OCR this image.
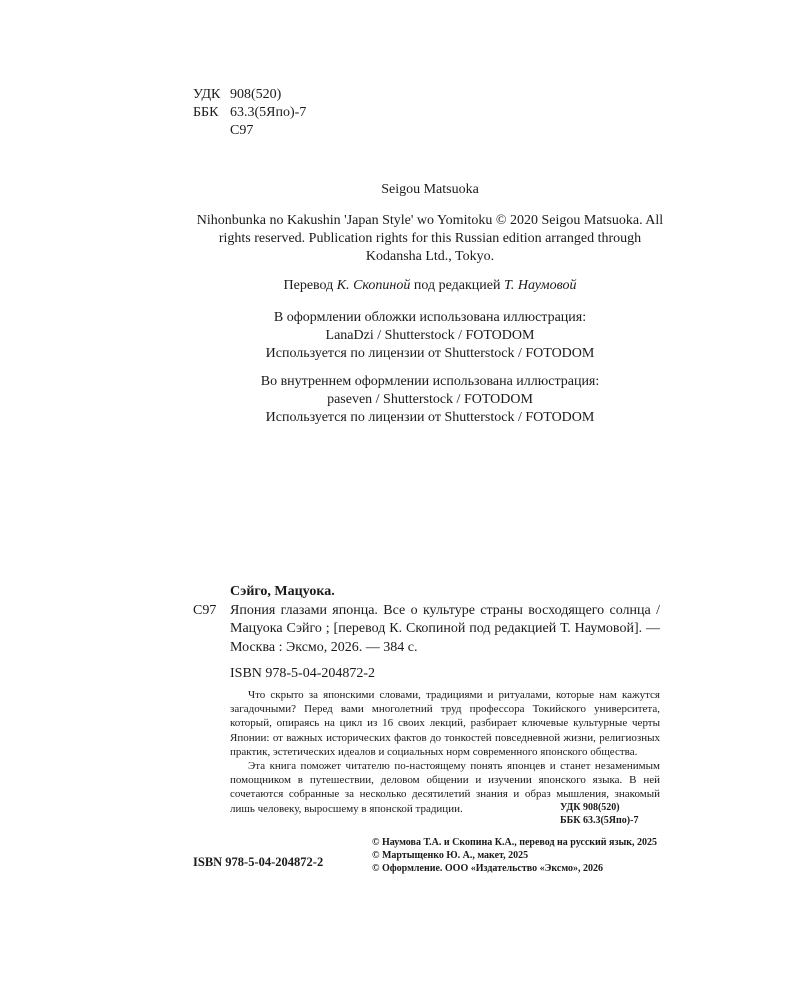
УДК 908(520)
ББК 63.3(5Япо)-7
С97

Seigou Matsuoka

Nihonbunka no Kakushin 'Japan Style' wo Yomitoku © 2020 Seigou Matsuoka. All rights reserved. Publication rights for this Russian edition arranged through Kodansha Ltd., Tokyo.

Перевод К. Скопиной под редакцией Т. Наумовой

В оформлении обложки использована иллюстрация:

LanaDzi / Shutterstock / FOTODOM

Используется по лицензии от Shutterstock / FOTODOM

Во внутреннем оформлении использована иллюстрация:

paseven / Shutterstock / FOTODOM

Используется по лицензии от Shutterstock / FOTODOM

Сэйго, Мацуока.
С97 Япония глазами японца. Все о культуре страны восходящего солнца / Мацуока Сэйго ; [перевод К. Скопиной под редакцией Т. Наумовой]. — Москва : Эксмо, 2026. — 384 с.
ISBN 978-5-04-204872-2

Что скрыто за японскими словами, традициями и ритуалами, которые нам кажутся загадочными? Перед вами многолетний труд профессора Токийского университета, который, опираясь на цикл из 16 своих лекций, разбирает ключевые культурные черты Японии: от важных исторических фактов до тонкостей повседневной жизни, религиозных практик, эстетических идеалов и социальных норм современного японского общества.

Эта книга поможет читателю по-настоящему понять японцев и станет незаменимым помощником в путешествии, деловом общении и изучении японского языка. В ней сочетаются собранные за несколько десятилетий знания и образ мышления, знакомый лишь человеку, выросшему в японской традиции.	УДК 908(520)
ББК 63.3(5Япо)-7
ISBN 978-5-04-204872-2
© Наумова Т.А. и Скопина К.А., перевод на русский язык, 2025
© Мартыщенко Ю. А., макет, 2025
© Оформление. ООО «Издательство «Эксмо», 2026
